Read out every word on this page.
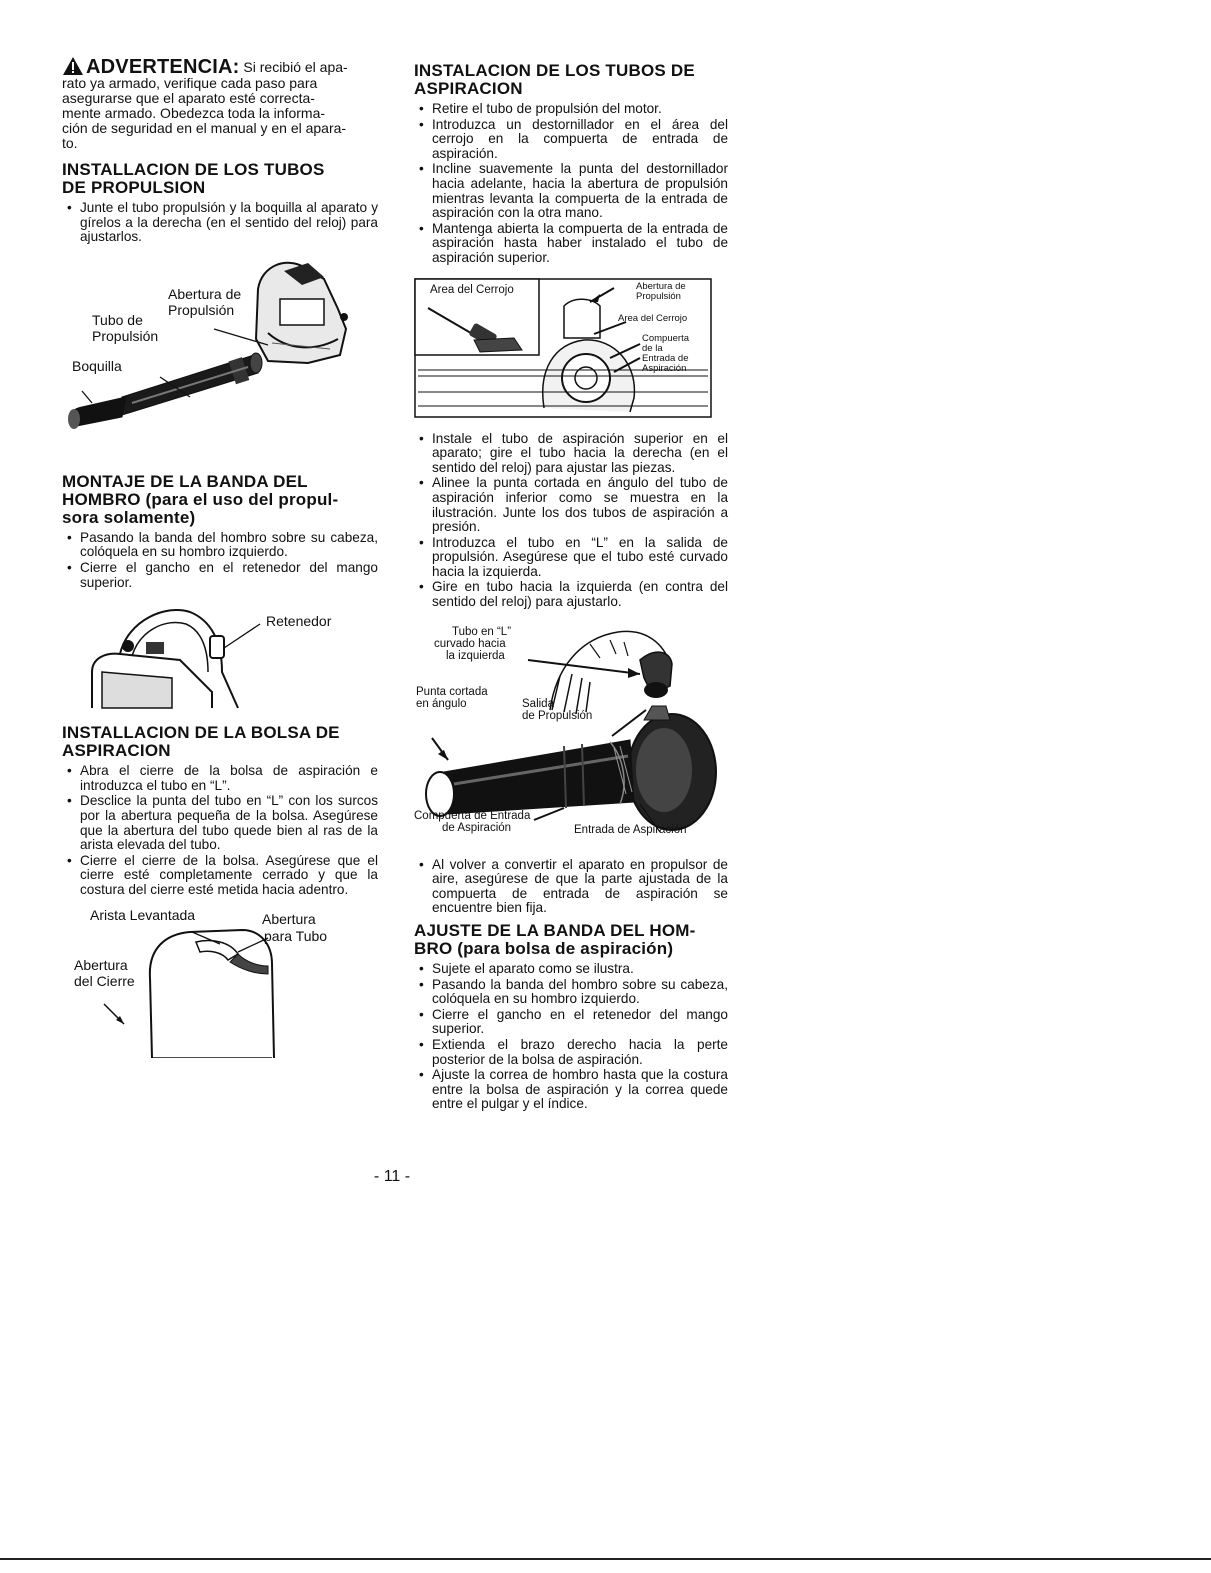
ADVERTENCIA: Si recibió el apa-

rato ya armado, verifique cada paso para

asegurarse que el aparato esté correcta-

mente armado. Obedezca toda la informa-

ción de seguridad en el manual y en el apara-

to.

INSTALLACION DE LOS TUBOS
DE PROPULSION
• Junte el tubo propulsión y la boquilla al aparato y gírelos a la derecha (en el sentido del reloj) para ajustarlos.
Abertura de
Propulsión
Tubo de
Propulsión
Boquilla
MONTAJE DE LA BANDA DEL
HOMBRO (para el uso del propul-
sora solamente)
• Pasando la banda del hombro sobre su cabeza, colóquela en su hombro izquierdo.
• Cierre el gancho en el retenedor del mango superior.
Retenedor
INSTALLACION DE LA BOLSA DE
ASPIRACION
• Abra el cierre de la bolsa de aspiración e introduzca el tubo en “L”.
• Desclice la punta del tubo en “L” con los surcos por la abertura pequeña de la bolsa. Asegúrese que la abertura del tubo quede bien al ras de la arista elevada del tubo.
• Cierre el cierre de la bolsa. Asegúrese que el cierre esté completamente cerrado y que la costura del cierre esté metida hacia adentro.
Arista Levantada	Abertura
para Tubo
Abertura
del Cierre
INSTALACION DE LOS TUBOS DE
ASPIRACION
• Retire el tubo de propulsión del motor.
• Introduzca un destornillador en el área del cerrojo en la compuerta de entrada de aspiración.
• Incline suavemente la punta del destornillador hacia adelante, hacia la abertura de propulsión mientras levanta la compuerta de la entrada de aspiración con la otra mano.
• Mantenga abierta la compuerta de la entrada de aspiración hasta haber instalado el tubo de aspiración superior.
Area del Cerrojo	Abertura de
Propulsión
Area del Cerrojo
Compuerta
de la
Entrada de
Aspiración
• Instale el tubo de aspiración superior en el aparato; gire el tubo hacia la derecha (en el sentido del reloj) para ajustar las piezas.
• Alinee la punta cortada en ángulo del tubo de aspiración inferior como se muestra en la ilustración. Junte los dos tubos de aspiración a presión.
• Introduzca el tubo en “L” en la salida de propulsión. Asegúrese que el tubo esté curvado hacia la izquierda.
• Gire en tubo hacia la izquierda (en contra del sentido del reloj) para ajustarlo.
Tubo en “L”
curvado hacia
la izquierda
Punta cortada
en ángulo	Salida
de Propulsión
Compuerta de Entrada
de Aspiración	Entrada de Aspiración
• Al volver a convertir el aparato en propulsor de aire, asegúrese de que la parte ajustada de la compuerta de entrada de aspiración se encuentre bien fija.
AJUSTE DE LA BANDA DEL HOM-
BRO (para bolsa de aspiración)
• Sujete el aparato como se ilustra.
• Pasando la banda del hombro sobre su cabeza, colóquela en su hombro izquierdo.
• Cierre el gancho en el retenedor del mango superior.
• Extienda el brazo derecho hacia la perte posterior de la bolsa de aspiración.
• Ajuste la correa de hombro hasta que la costura entre la bolsa de aspiración y la correa quede entre el pulgar y el índice.
- 11 -
